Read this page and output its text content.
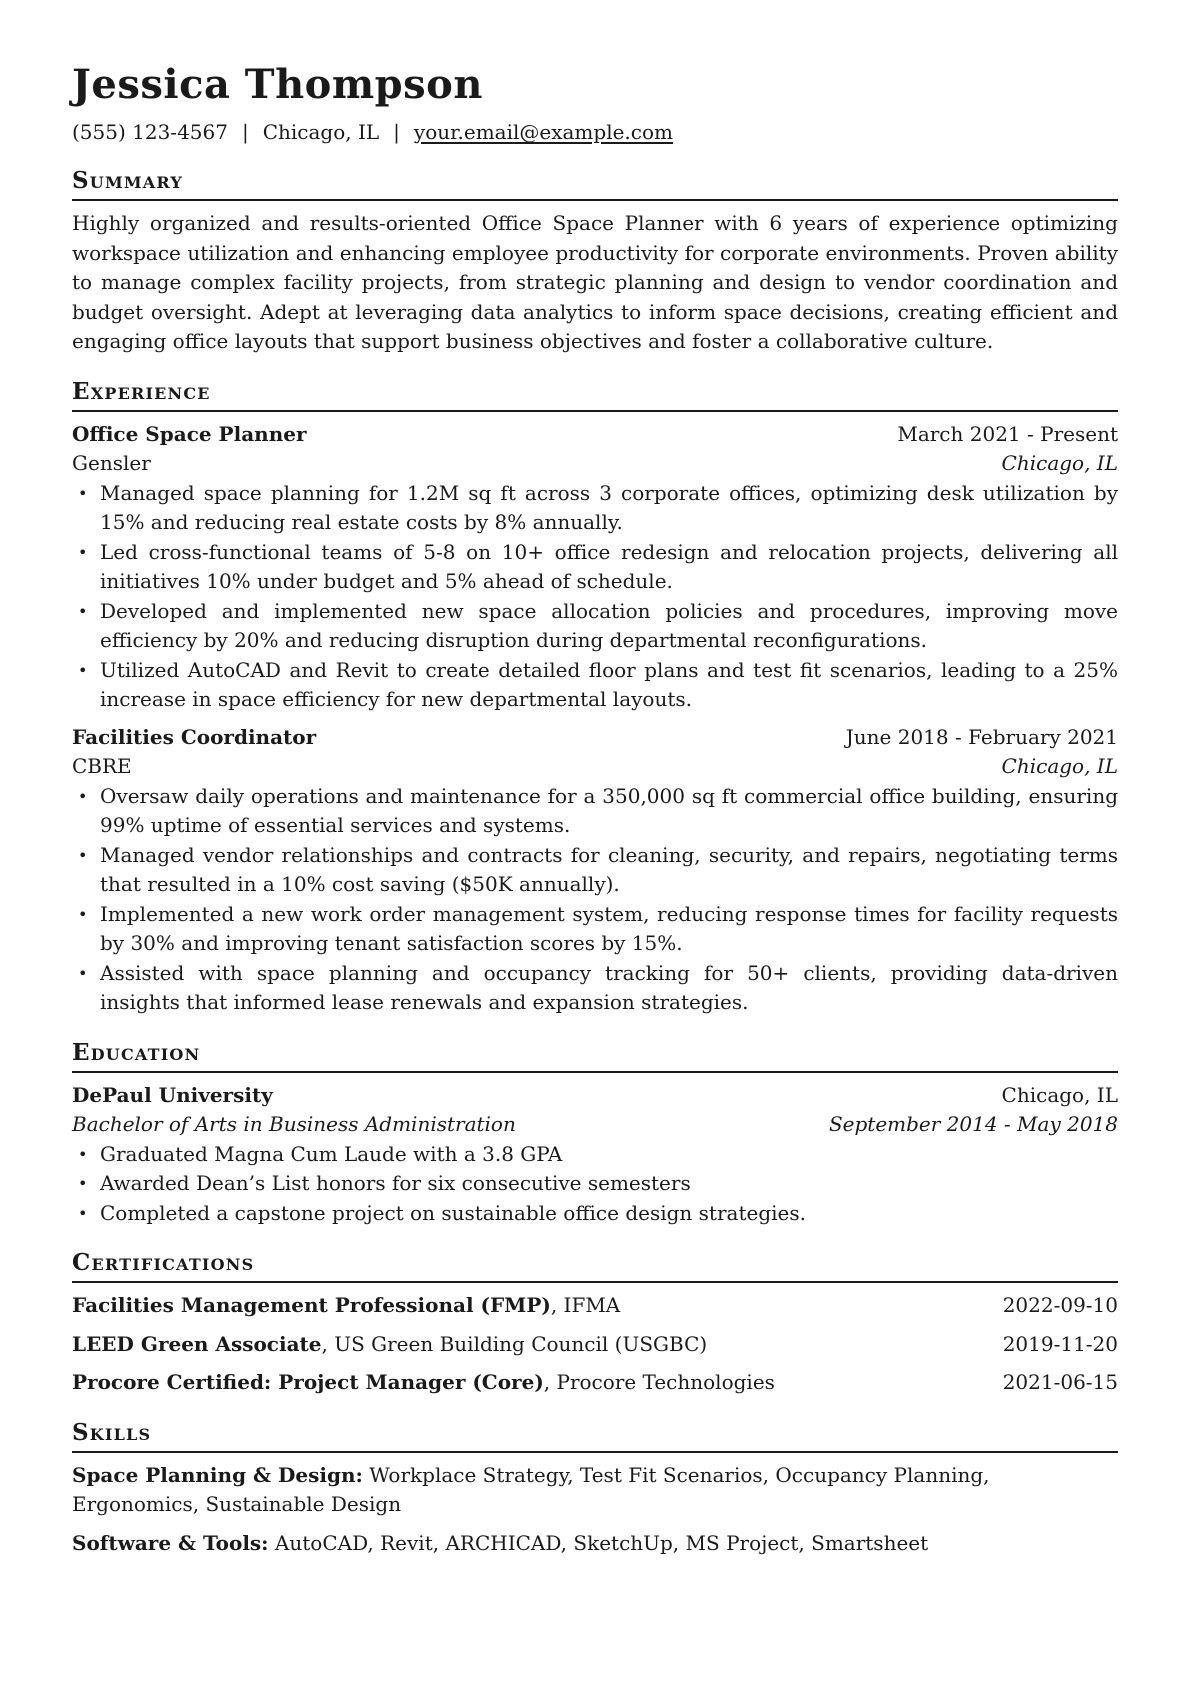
Jessica Thompson
(555) 123-4567 | Chicago, IL | your.email@example.com
Summary

Highly organized and results-oriented Office Space Planner with 6 years of experience optimizing workspace utilization and enhancing employee productivity for corporate environments. Proven ability to manage complex facility projects, from strategic planning and design to vendor coordination and budget oversight. Adept at leveraging data analytics to inform space decisions, creating efficient and engaging office layouts that support business objectives and foster a collaborative culture.

Experience
Office Space Planner	March 2021 - Present
Gensler	Chicago, IL
• Managed space planning for 1.2M sq ft across 3 corporate offices, optimizing desk utilization by 15% and reducing real estate costs by 8% annually.
• Led cross-functional teams of 5-8 on 10+ office redesign and relocation projects, delivering all initiatives 10% under budget and 5% ahead of schedule.
• Developed and implemented new space allocation policies and procedures, improving move efficiency by 20% and reducing disruption during departmental reconfigurations.
• Utilized AutoCAD and Revit to create detailed floor plans and test fit scenarios, leading to a 25% increase in space efficiency for new departmental layouts.
Facilities Coordinator	June 2018 - February 2021
CBRE	Chicago, IL
• Oversaw daily operations and maintenance for a 350,000 sq ft commercial office building, ensuring 99% uptime of essential services and systems.
• Managed vendor relationships and contracts for cleaning, security, and repairs, negotiating terms that resulted in a 10% cost saving ($50K annually).
• Implemented a new work order management system, reducing response times for facility requests by 30% and improving tenant satisfaction scores by 15%.
• Assisted with space planning and occupancy tracking for 50+ clients, providing data-driven insights that informed lease renewals and expansion strategies.
Education
DePaul University	Chicago, IL
Bachelor of Arts in Business Administration	September 2014 - May 2018
• Graduated Magna Cum Laude with a 3.8 GPA
• Awarded Dean’s List honors for six consecutive semesters
• Completed a capstone project on sustainable office design strategies.
Certifications
Facilities Management Professional (FMP), IFMA	2022-09-10
LEED Green Associate, US Green Building Council (USGBC)	2019-11-20
Procore Certified: Project Manager (Core), Procore Technologies	2021-06-15
Skills

Space Planning & Design: Workplace Strategy, Test Fit Scenarios, Occupancy Planning, Ergonomics, Sustainable Design

Software & Tools: AutoCAD, Revit, ARCHICAD, SketchUp, MS Project, Smartsheet
